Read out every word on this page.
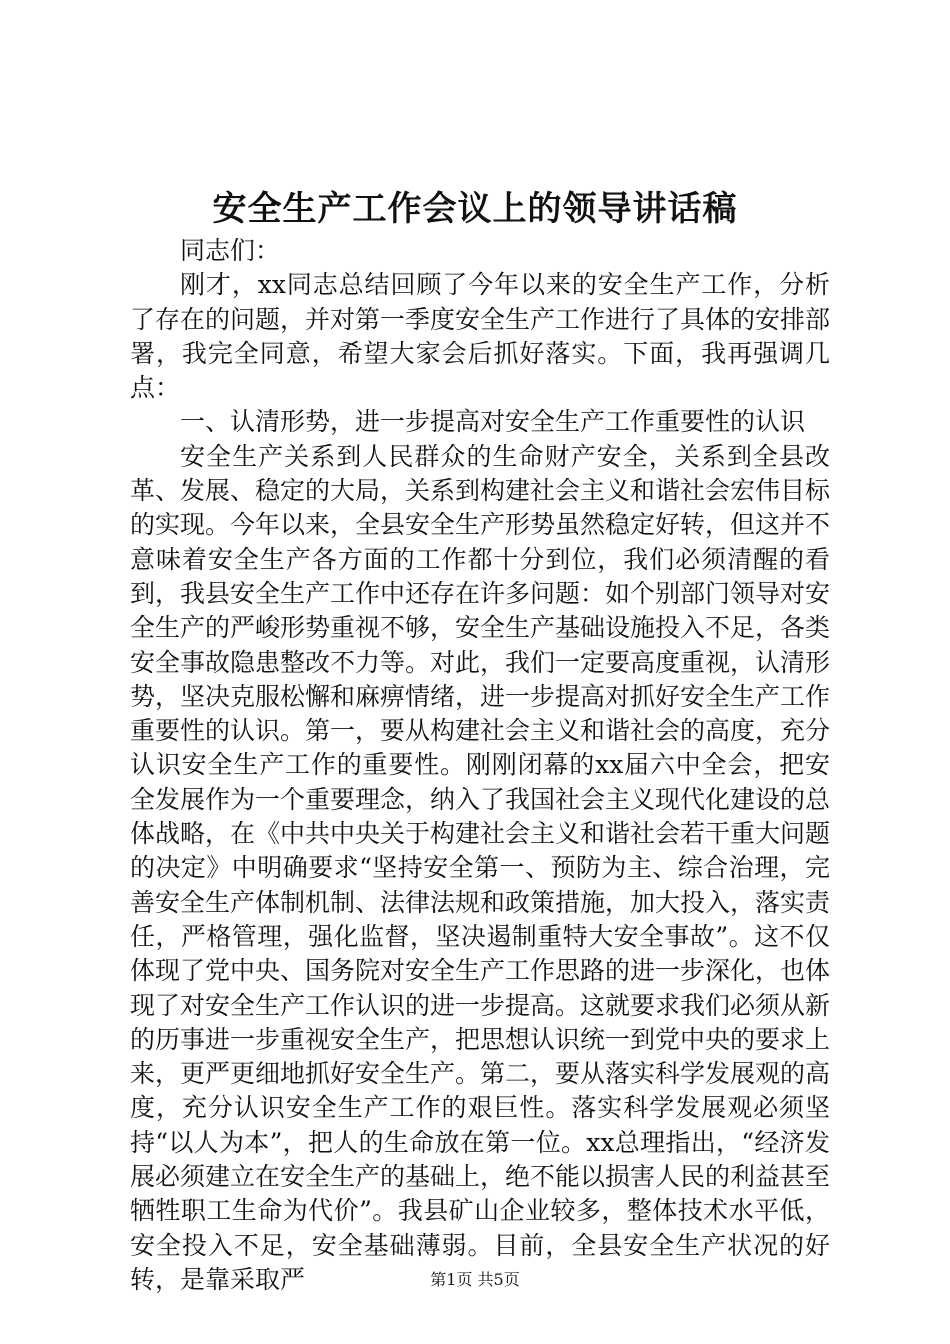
安全生产工作会议上的领导讲话稿

同志们：

刚才，xx同志总结回顾了今年以来的安全生产工作，分析了存在的问题，并对第一季度安全生产工作进行了具体的安排部署，我完全同意，希望大家会后抓好落实。下面，我再强调几点：

一、认清形势，进一步提高对安全生产工作重要性的认识

安全生产关系到人民群众的生命财产安全，关系到全县改革、发展、稳定的大局，关系到构建社会主义和谐社会宏伟目标的实现。今年以来，全县安全生产形势虽然稳定好转，但这并不意味着安全生产各方面的工作都十分到位，我们必须清醒的看到，我县安全生产工作中还存在许多问题：如个别部门领导对安全生产的严峻形势重视不够，安全生产基础设施投入不足，各类安全事故隐患整改不力等。对此，我们一定要高度重视，认清形势，坚决克服松懈和麻痹情绪，进一步提高对抓好安全生产工作重要性的认识。第一，要从构建社会主义和谐社会的高度，充分认识安全生产工作的重要性。刚刚闭幕的xx届六中全会，把安全发展作为一个重要理念，纳入了我国社会主义现代化建设的总体战略，在《中共中央关于构建社会主义和谐社会若干重大问题的决定》中明确要求“坚持安全第一、预防为主、综合治理，完善安全生产体制机制、法律法规和政策措施，加大投入，落实责任，严格管理，强化监督，坚决遏制重特大安全事故”。这不仅体现了党中央、国务院对安全生产工作思路的进一步深化，也体现了对安全生产工作认识的进一步提高。这就要求我们必须从新的历事进一步重视安全生产，把思想认识统一到党中央的要求上来，更严更细地抓好安全生产。第二，要从落实科学发展观的高度，充分认识安全生产工作的艰巨性。落实科学发展观必须坚持“以人为本”，把人的生命放在第一位。xx总理指出，“经济发展必须建立在安全生产的基础上，绝不能以损害人民的利益甚至牺牲职工生命为代价”。我县矿山企业较多，整体技术水平低，安全投入不足，安全基础薄弱。目前，全县安全生产状况的好转，是靠采取严	第1页 共5页
